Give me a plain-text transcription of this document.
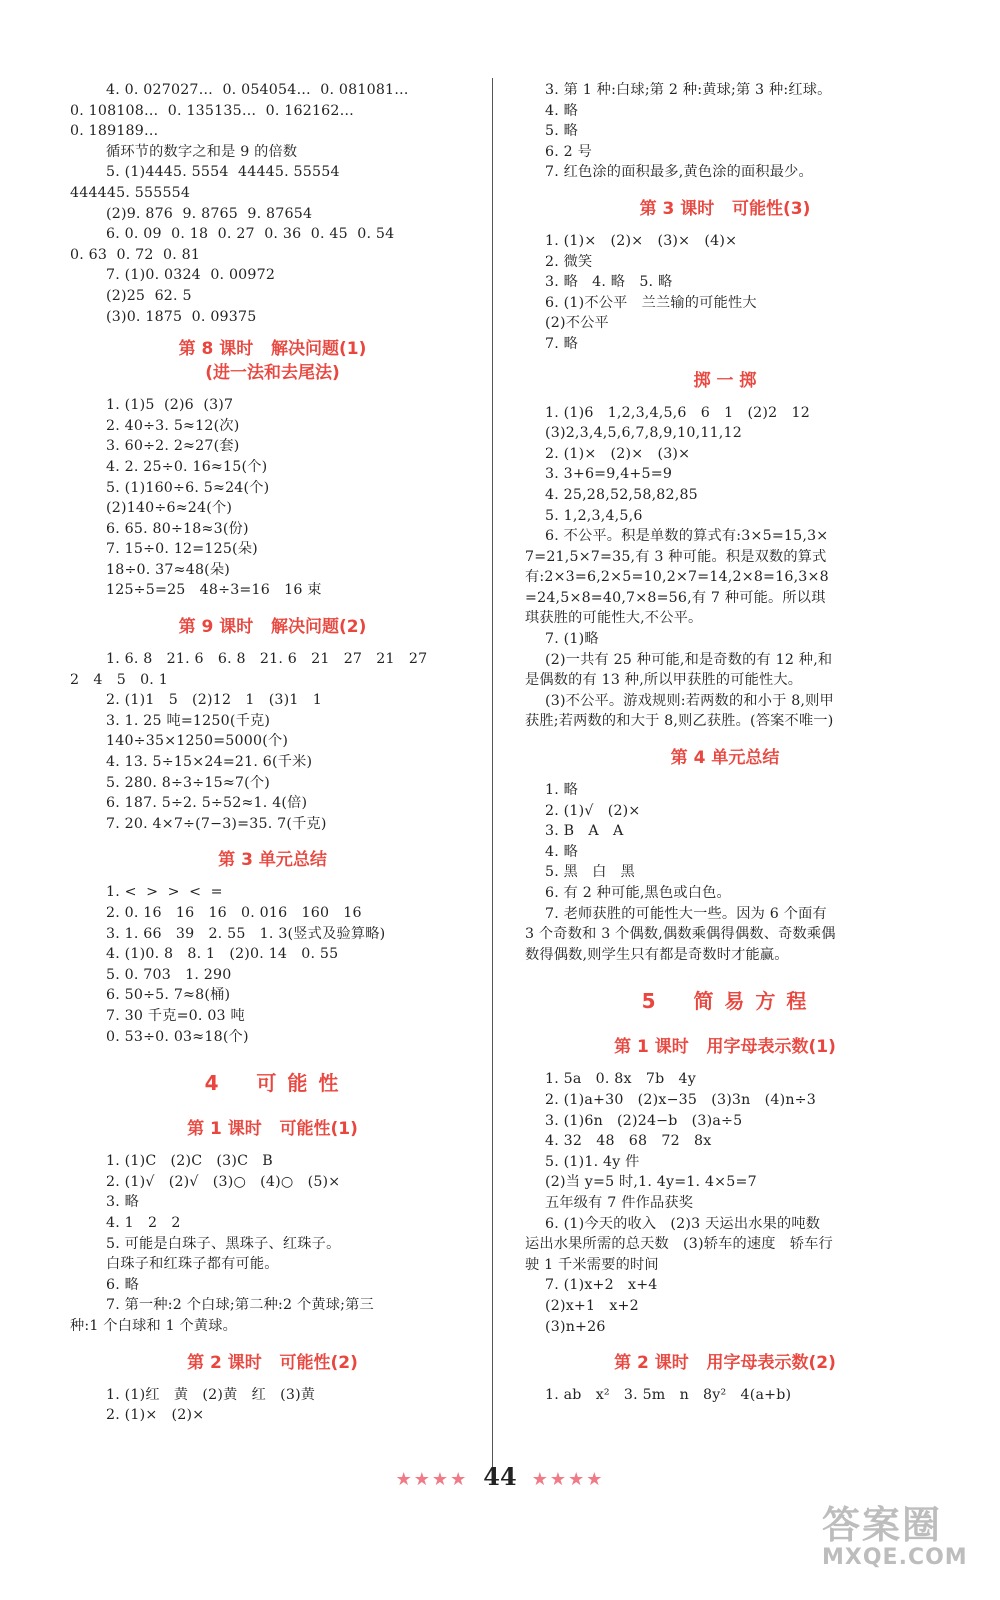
4. 0. 027027…  0. 054054…  0. 081081…
0. 108108…  0. 135135…  0. 162162…
0. 189189…
循环节的数字之和是 9 的倍数
5. (1)4445. 5554  44445. 55554
444445. 555554
(2)9. 876  9. 8765  9. 87654
6. 0. 09  0. 18  0. 27  0. 36  0. 45  0. 54
0. 63  0. 72  0. 81
7. (1)0. 0324  0. 00972
(2)25  62. 5
(3)0. 1875  0. 09375
第 8 课时   解决问题(1)
(进一法和去尾法)
1. (1)5  (2)6  (3)7
2. 40÷3. 5≈12(次)
3. 60÷2. 2≈27(套)
4. 2. 25÷0. 16≈15(个)
5. (1)160÷6. 5≈24(个)
(2)140÷6≈24(个)
6. 65. 80÷18≈3(份)
7. 15÷0. 12=125(朵)
18÷0. 37≈48(朵)
125÷5=25   48÷3=16   16 束
第 9 课时   解决问题(2)
1. 6. 8   21. 6   6. 8   21. 6   21   27   21   27
2   4   5   0. 1
2. (1)1   5   (2)12   1   (3)1   1
3. 1. 25 吨=1250(千克)
140÷35×1250=5000(个)
4. 13. 5÷15×24=21. 6(千米)
5. 280. 8÷3÷15≈7(个)
6. 187. 5÷2. 5÷52≈1. 4(倍)
7. 20. 4×7÷(7−3)=35. 7(千克)
第 3 单元总结
1. <  >  >  <  =
2. 0. 16   16   16   0. 016   160   16
3. 1. 66   39   2. 55   1. 3(竖式及验算略)
4. (1)0. 8   8. 1   (2)0. 14   0. 55
5. 0. 703   1. 290
6. 50÷5. 7≈8(桶)
7. 30 千克=0. 03 吨
0. 53÷0. 03≈18(个)
4    可 能 性
第 1 课时   可能性(1)
1. (1)C   (2)C   (3)C   B
2. (1)√   (2)√   (3)○   (4)○   (5)×
3. 略
4. 1   2   2
5. 可能是白珠子、黑珠子、红珠子。
白珠子和红珠子都有可能。
6. 略
7. 第一种:2 个白球;第二种:2 个黄球;第三
种:1 个白球和 1 个黄球。
第 2 课时   可能性(2)
1. (1)红   黄   (2)黄   红   (3)黄
2. (1)×   (2)×
3. 第 1 种:白球;第 2 种:黄球;第 3 种:红球。
4. 略
5. 略
6. 2 号
7. 红色涂的面积最多,黄色涂的面积最少。
第 3 课时   可能性(3)
1. (1)×   (2)×   (3)×   (4)×
2. 微笑
3. 略   4. 略   5. 略
6. (1)不公平   兰兰输的可能性大
(2)不公平
7. 略
掷 一 掷
1. (1)6   1,2,3,4,5,6   6   1   (2)2   12
(3)2,3,4,5,6,7,8,9,10,11,12
2. (1)×   (2)×   (3)×
3. 3+6=9,4+5=9
4. 25,28,52,58,82,85
5. 1,2,3,4,5,6
6. 不公平。积是单数的算式有:3×5=15,3×
7=21,5×7=35,有 3 种可能。积是双数的算式
有:2×3=6,2×5=10,2×7=14,2×8=16,3×8
=24,5×8=40,7×8=56,有 7 种可能。所以琪
琪获胜的可能性大,不公平。
7. (1)略
(2)一共有 25 种可能,和是奇数的有 12 种,和
是偶数的有 13 种,所以甲获胜的可能性大。
(3)不公平。游戏规则:若两数的和小于 8,则甲
获胜;若两数的和大于 8,则乙获胜。(答案不唯一)
第 4 单元总结
1. 略
2. (1)√   (2)×
3. B   A   A
4. 略
5. 黑   白   黑
6. 有 2 种可能,黑色或白色。
7. 老师获胜的可能性大一些。因为 6 个面有
3 个奇数和 3 个偶数,偶数乘偶得偶数、奇数乘偶
数得偶数,则学生只有都是奇数时才能赢。
5    简 易 方 程
第 1 课时   用字母表示数(1)
1. 5a   0. 8x   7b   4y
2. (1)a+30   (2)x−35   (3)3n   (4)n÷3
3. (1)6n   (2)24−b   (3)a÷5
4. 32   48   68   72   8x
5. (1)1. 4y 件
(2)当 y=5 时,1. 4y=1. 4×5=7
五年级有 7 件作品获奖
6. (1)今天的收入   (2)3 天运出水果的吨数
运出水果所需的总天数   (3)轿车的速度   轿车行
驶 1 千米需要的时间
7. (1)x+2   x+4
(2)x+1   x+2
(3)n+26
第 2 课时   用字母表示数(2)
1. ab   x²   3. 5m   n   8y²   4(a+b)
★★★★ 44 ★★★★
答案圈
MXQE.COM
